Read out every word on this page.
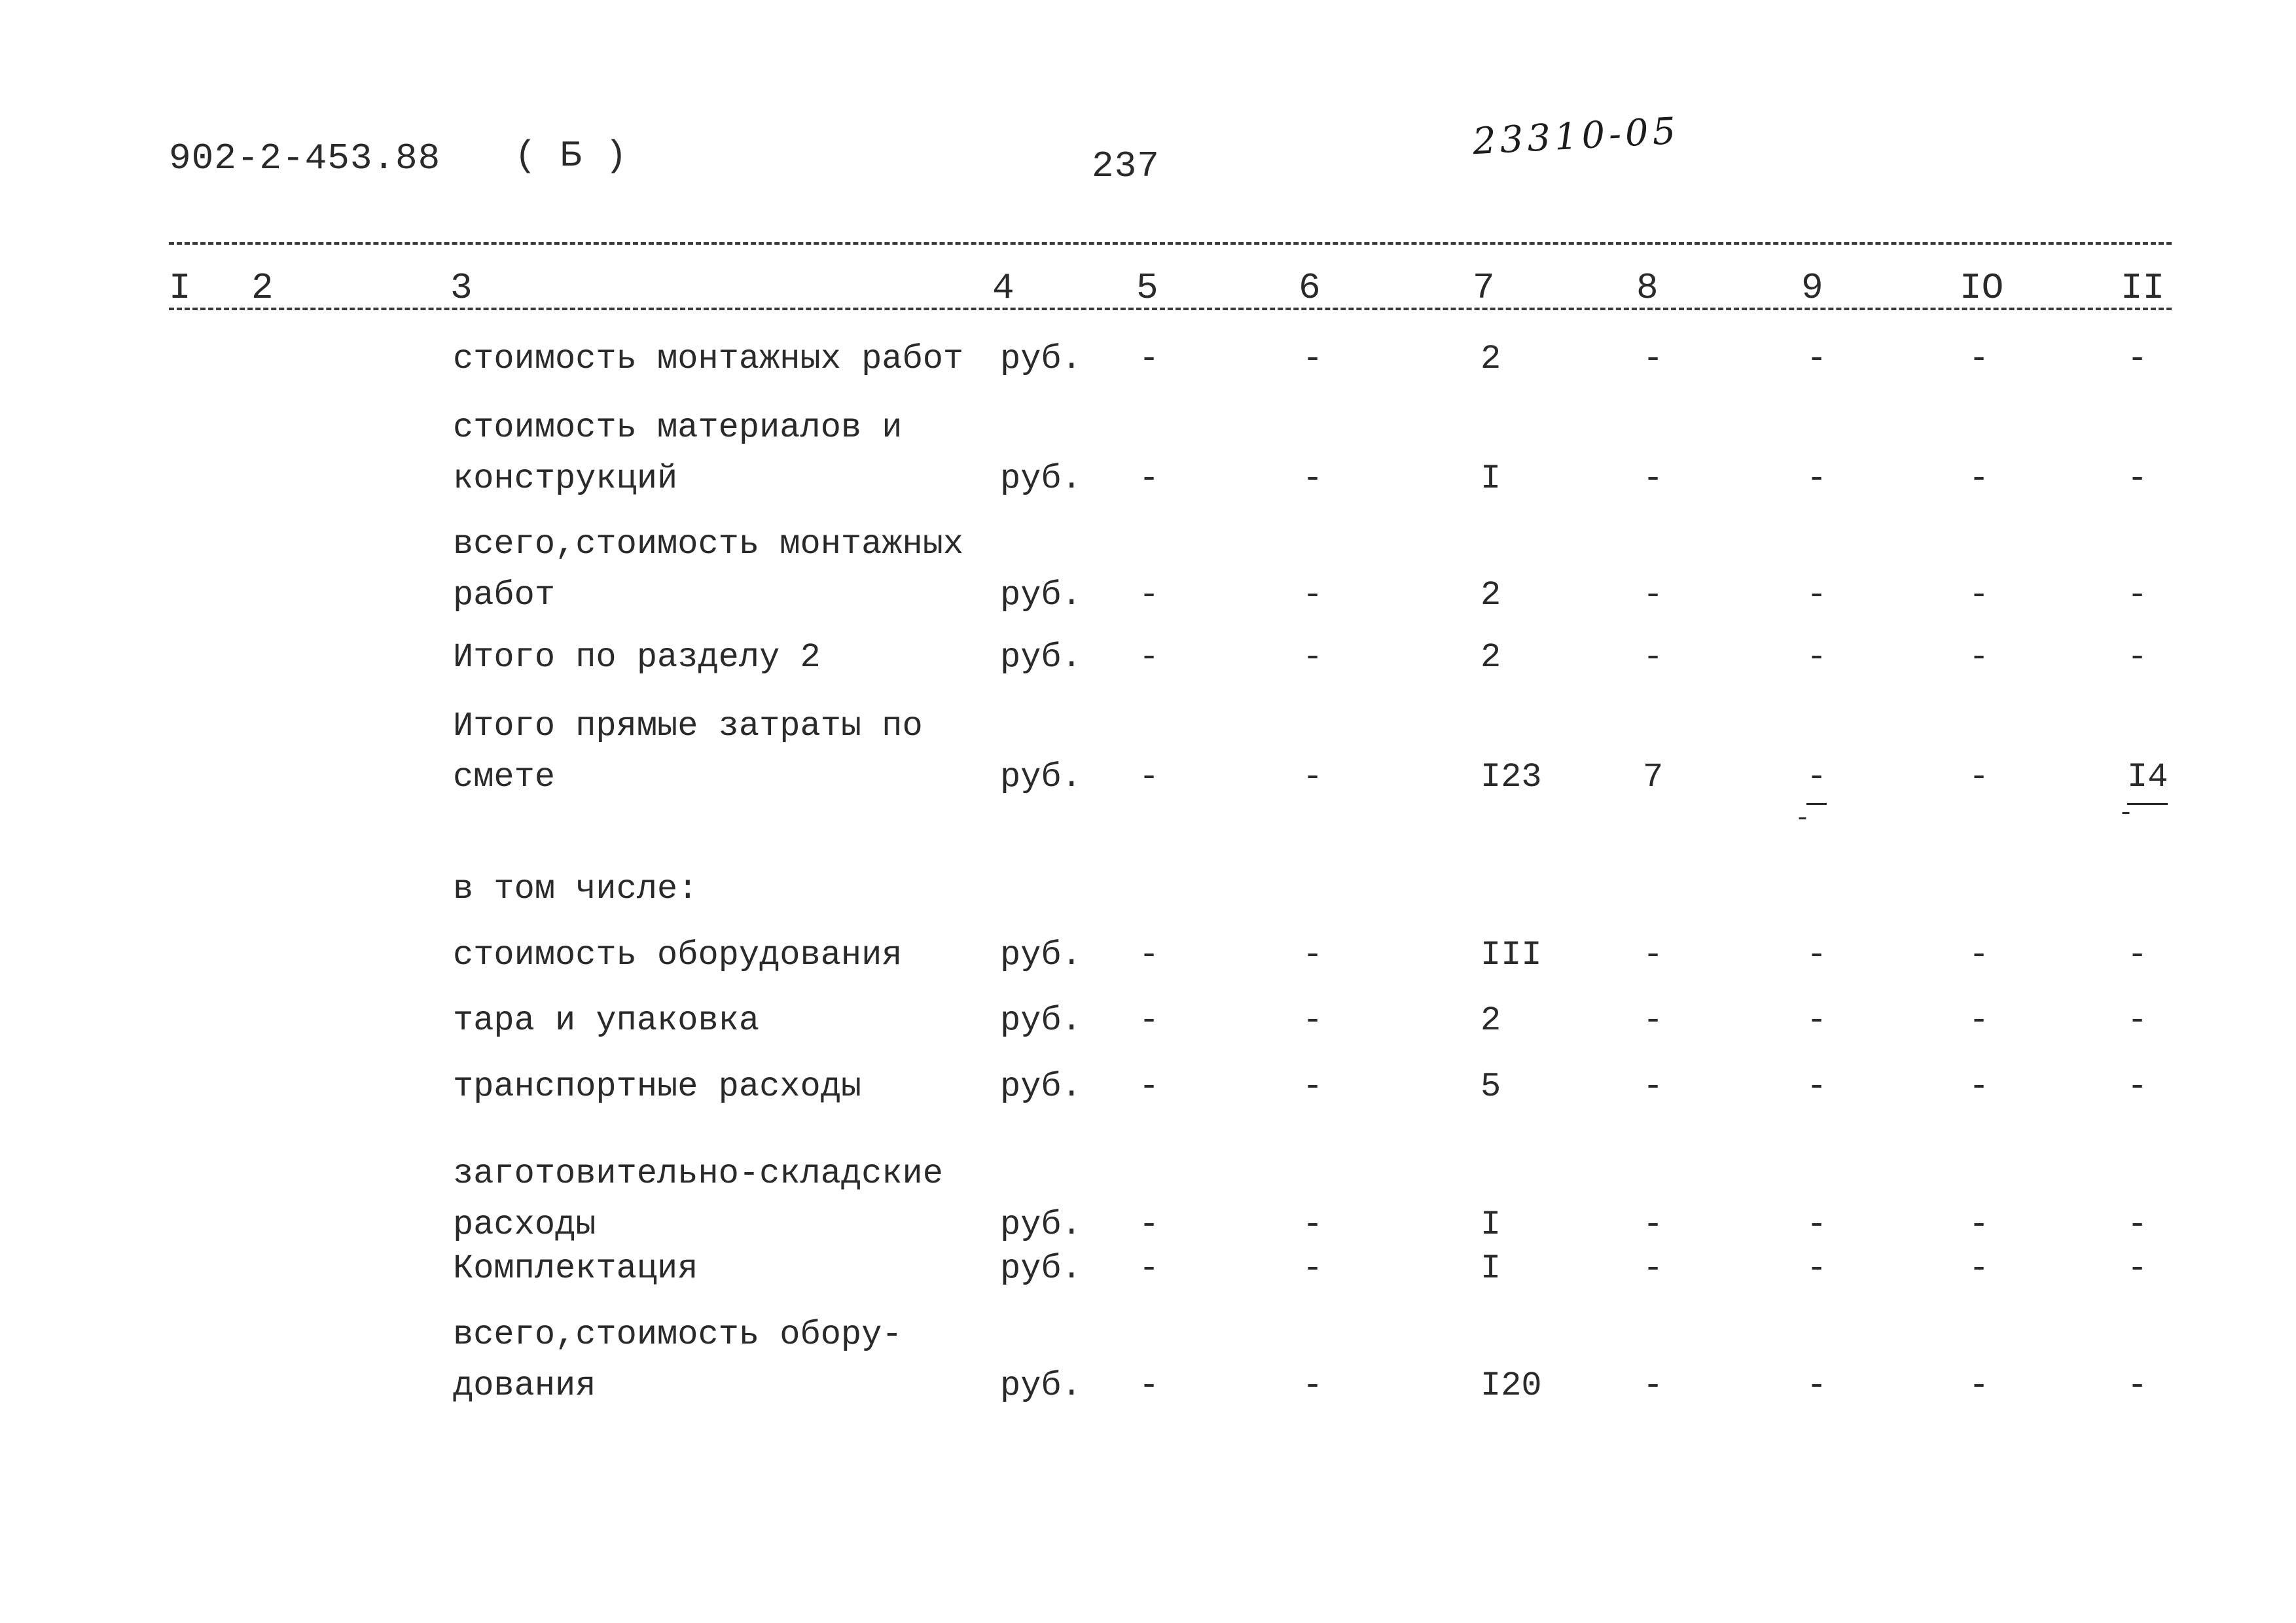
902-2-453.88 ( Б )	237
23310-05
I 2	3	4	5	6	7	8	9	IO	II
стоимость монтажных работ	руб. -	-	2	-	-	-	-
стоимость материалов и
конструкций	руб. -	-	I	-	-	-	-
всего,стоимость монтажных
работ	руб. -	-	2	-	-	-	-
Итого по разделу 2	руб. -	-	2	-	-	-	-
Итого прямые затраты по
смете	руб. -	-	I23	7	-	-	I4
-	-
в том числе:
стоимость оборудования	руб. -	-	III	-	-	-	-
тара и упаковка	руб. -	-	2	-	-	-	-
транспортные расходы	руб. -	-	5	-	-	-	-
заготовительно-складские
расходы	руб. -	-	I	-	-	-	-
Комплектация	руб. -	-	I	-	-	-	-
всего,стоимость обору-
дования	руб. -	-	I20	-	-	-	-
